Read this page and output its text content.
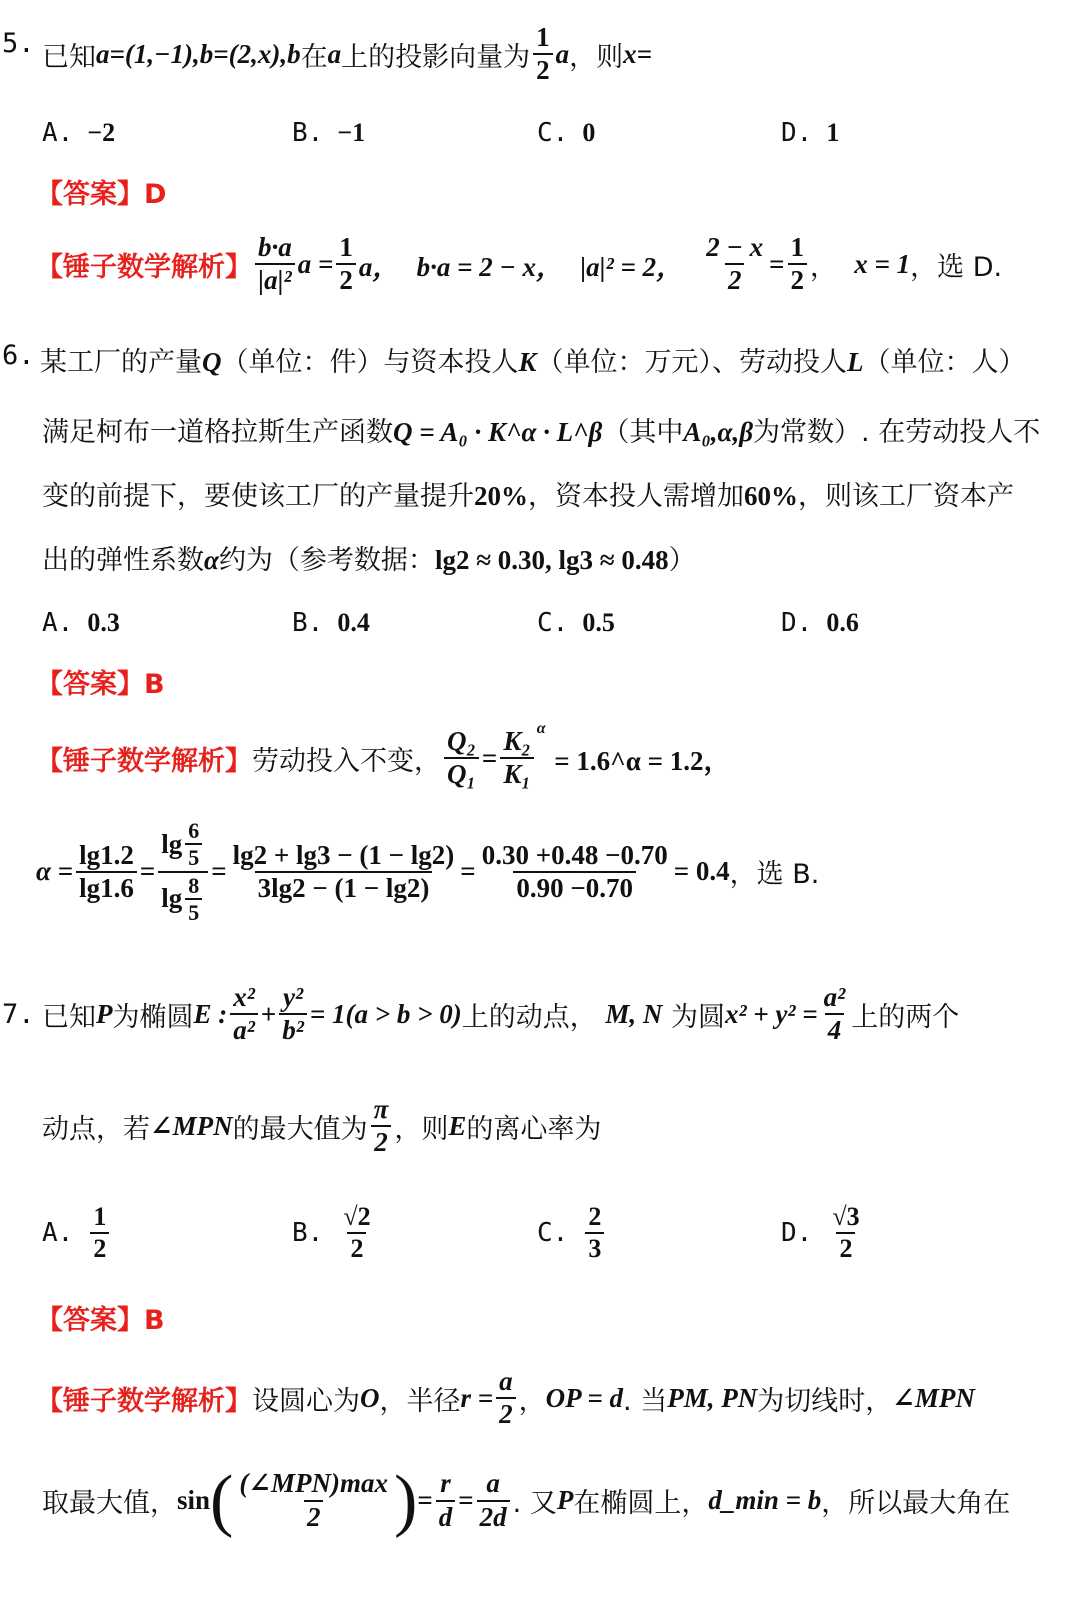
5. 已知 a=(1,−1),b=(2,x),b 在 a 上的投影向量为 $\frac{1}{2}$ a ，则 x=
A. −2	B. −1	C. 0	D. 1
【答案】D
【锤子数学解析】 $\frac{b\cdot a}{\text{|a|²}}$ $a = \frac{1}{2}$ a，
b·a = 2 − x，
|a|² = 2，
$\frac{2 - x}{2} = \frac{1}{2}$ ，
x = 1 ，选 D.
6. 某工厂的产量Q（单位：件）与资本投人K（单位：万元）、劳动投人L（单位：人）
满足柯布一道格拉斯生产函数Q = A₀ · K^α · L^β（其中A₀,α,β为常数）. 在劳动投人不
变的前提下，要使该工厂的产量提升20%，资本投人需增加60%，则该工厂资本产
出的弹性系数α约为（参考数据：lg2 ≈ 0.30, lg3 ≈ 0.48）
A. 0.3	B. 0.4	C. 0.5	D. 0.6
【答案】B
【锤子数学解析】 劳动投入不变， $\frac{\text{Q₂}}{\text{Q₁}} = \frac{\text{K₂}}{\text{K₁}}$ α

= 1.6^α = 1.2，
$\alpha = \frac{\lg 1.2}{\lg 1.6} = \frac{\lg \frac{6}{5}}{\lg \frac{8}{5}} = \frac{\lg 2 + \lg 3 - (1 - \lg 2)}{3\lg 2 - (1 - \lg 2)} = \frac{0.30 +0.48 -0.70}{0.90 -0.70} = 0.4$ ，选 B.
7. 已知 P 为椭圆 E : $\frac{\text{x²}}{\text{a²}} + \frac{\text{y²}}{\text{b²}} = 1(a > b > 0)$ 上的动点，
M, N
为圆 $x^2 + y^2 = \frac{\text{a²}}{4}$ 上的两个
动点，若 ∠MPN 的最大值为 $\frac{\pi}{2}$ ，则 E 的离心率为
A. $\frac{1}{2}$	B. $\frac{√2}{2}$	C. $\frac{2}{3}$	D. $\frac{√3}{2}$
【答案】B
【锤子数学解析】 设圆心为 O ，半径 $r = \frac{a}{2}$ ， OP = d . 当 PM, PN 为切线时， ∠MPN
取最大值， sin ( $\frac{\text{(∠MPN)max}}{2}$ ) = $\frac{r}{d} = \frac{a}{2d}$ . 又 P 在椭圆上， d_min = b ，所以最大角在
